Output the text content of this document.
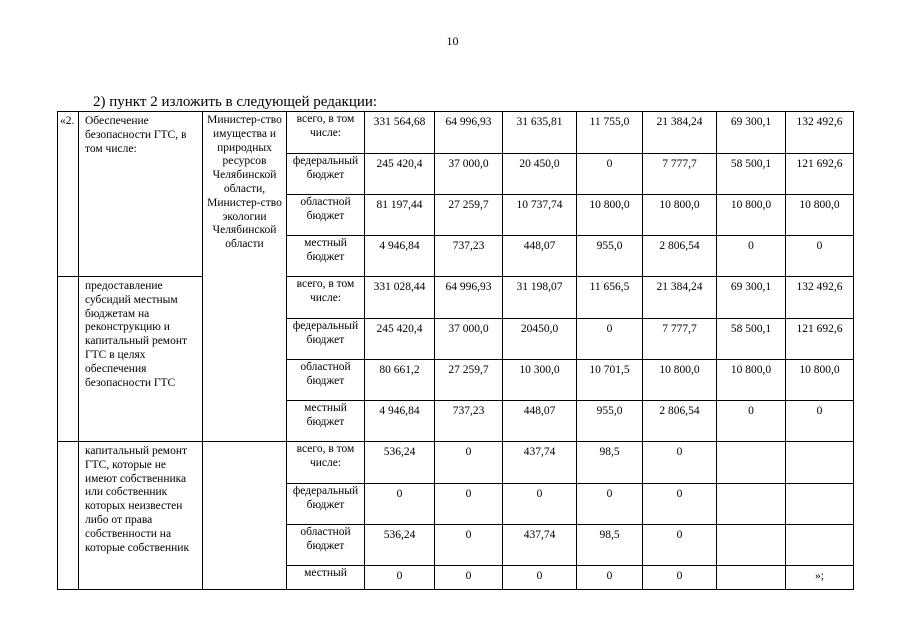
10
2) пункт 2 изложить в следующей редакции:
«2.	Обеспечение безопасности ГТС, в том числе:	Министер-ство имущества и природных ресурсов Челябинской области, Министер-ство экологии Челябинской области	всего, в том числе:	331 564,68	64 996,93	31 635,81	11 755,0	21 384,24	69 300,1	132 492,6
			федеральный бюджет	245 420,4	37 000,0	20 450,0	0	7 777,7	58 500,1	121 692,6
			областной бюджет	81 197,44	27 259,7	10 737,74	10 800,0	10 800,0	10 800,0	10 800,0
			местный бюджет	4 946,84	737,23	448,07	955,0	2 806,54	0	0
	предоставление субсидий местным бюджетам на реконструкцию и капитальный ремонт ГТС в целях обеспечения безопасности ГТС		всего, в том числе:	331 028,44	64 996,93	31 198,07	11 656,5	21 384,24	69 300,1	132 492,6
			федеральный бюджет	245 420,4	37 000,0	20450,0	0	7 777,7	58 500,1	121 692,6
			областной бюджет	80 661,2	27 259,7	10 300,0	10 701,5	10 800,0	10 800,0	10 800,0
			местный бюджет	4 946,84	737,23	448,07	955,0	2 806,54	0	0
	капитальный ремонт ГТС, которые не имеют собственника или собственник которых неизвестен либо от права собственности на которые собственник		всего, в том числе:	536,24	0	437,74	98,5	0		
			федеральный бюджет	0	0	0	0	0		
			областной бюджет	536,24	0	437,74	98,5	0		
			местный	0	0	0	0	0		»;
